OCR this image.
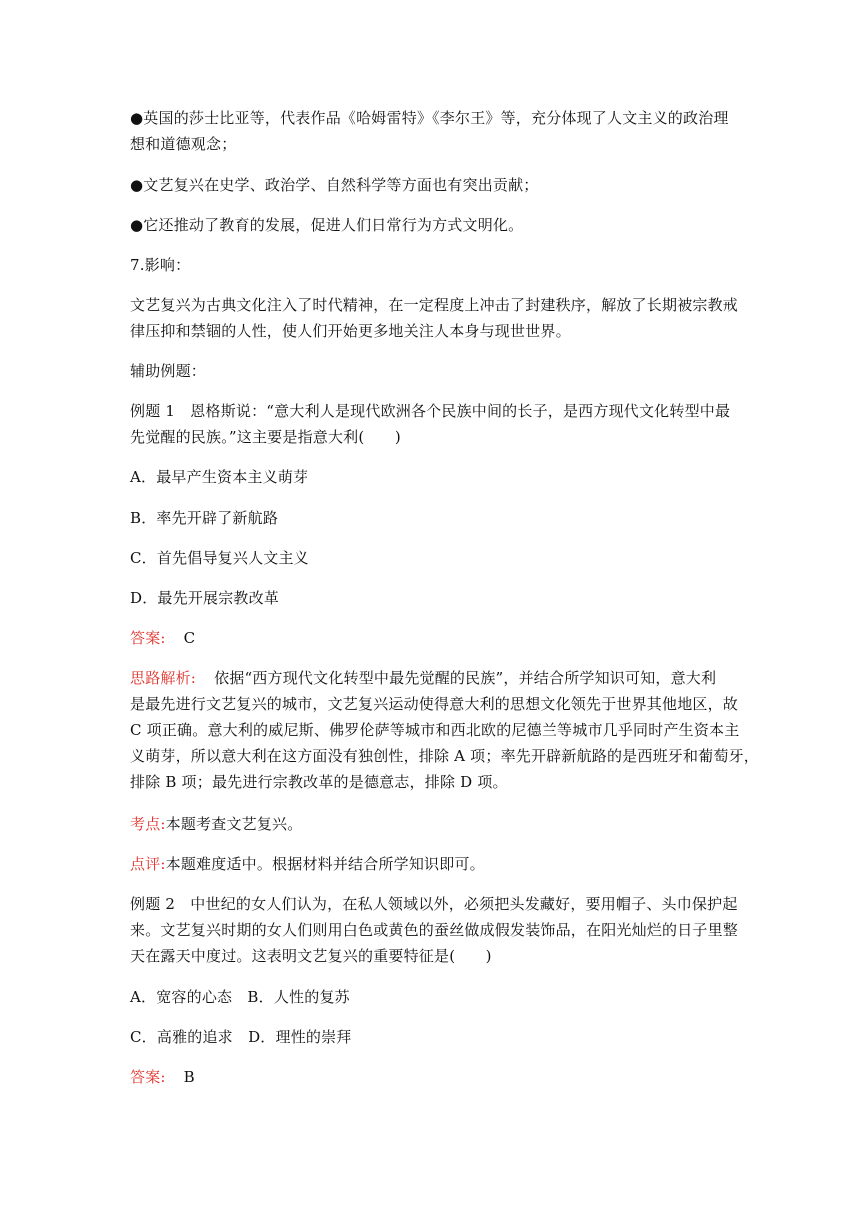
●英国的莎士比亚等，代表作品《哈姆雷特》《李尔王》等，充分体现了人文主义的政治理
想和道德观念；
●文艺复兴在史学、政治学、自然科学等方面也有突出贡献；
●它还推动了教育的发展，促进人们日常行为方式文明化。
7.影响：
文艺复兴为古典文化注入了时代精神，在一定程度上冲击了封建秩序，解放了长期被宗教戒
律压抑和禁锢的人性，使人们开始更多地关注人本身与现世世界。
辅助例题：
例题 1　恩格斯说：“意大利人是现代欧洲各个民族中间的长子，是西方现代文化转型中最
先觉醒的民族。”这主要是指意大利(　　)
A．最早产生资本主义萌芽
B．率先开辟了新航路
C．首先倡导复兴人文主义
D．最先开展宗教改革
答案: C
思路解析: 依据“西方现代文化转型中最先觉醒的民族”，并结合所学知识可知，意大利
是最先进行文艺复兴的城市，文艺复兴运动使得意大利的思想文化领先于世界其他地区，故
C 项正确。意大利的威尼斯、佛罗伦萨等城市和西北欧的尼德兰等城市几乎同时产生资本主
义萌芽，所以意大利在这方面没有独创性，排除 A 项；率先开辟新航路的是西班牙和葡萄牙，
排除 B 项；最先进行宗教改革的是德意志，排除 D 项。
考点:本题考查文艺复兴。
点评:本题难度适中。根据材料并结合所学知识即可。
例题 2　中世纪的女人们认为，在私人领域以外，必须把头发藏好，要用帽子、头巾保护起
来。文艺复兴时期的女人们则用白色或黄色的蚕丝做成假发装饰品，在阳光灿烂的日子里整
天在露天中度过。这表明文艺复兴的重要特征是(　　)
A．宽容的心态　B．人性的复苏
C．高雅的追求　D．理性的崇拜
答案: B
